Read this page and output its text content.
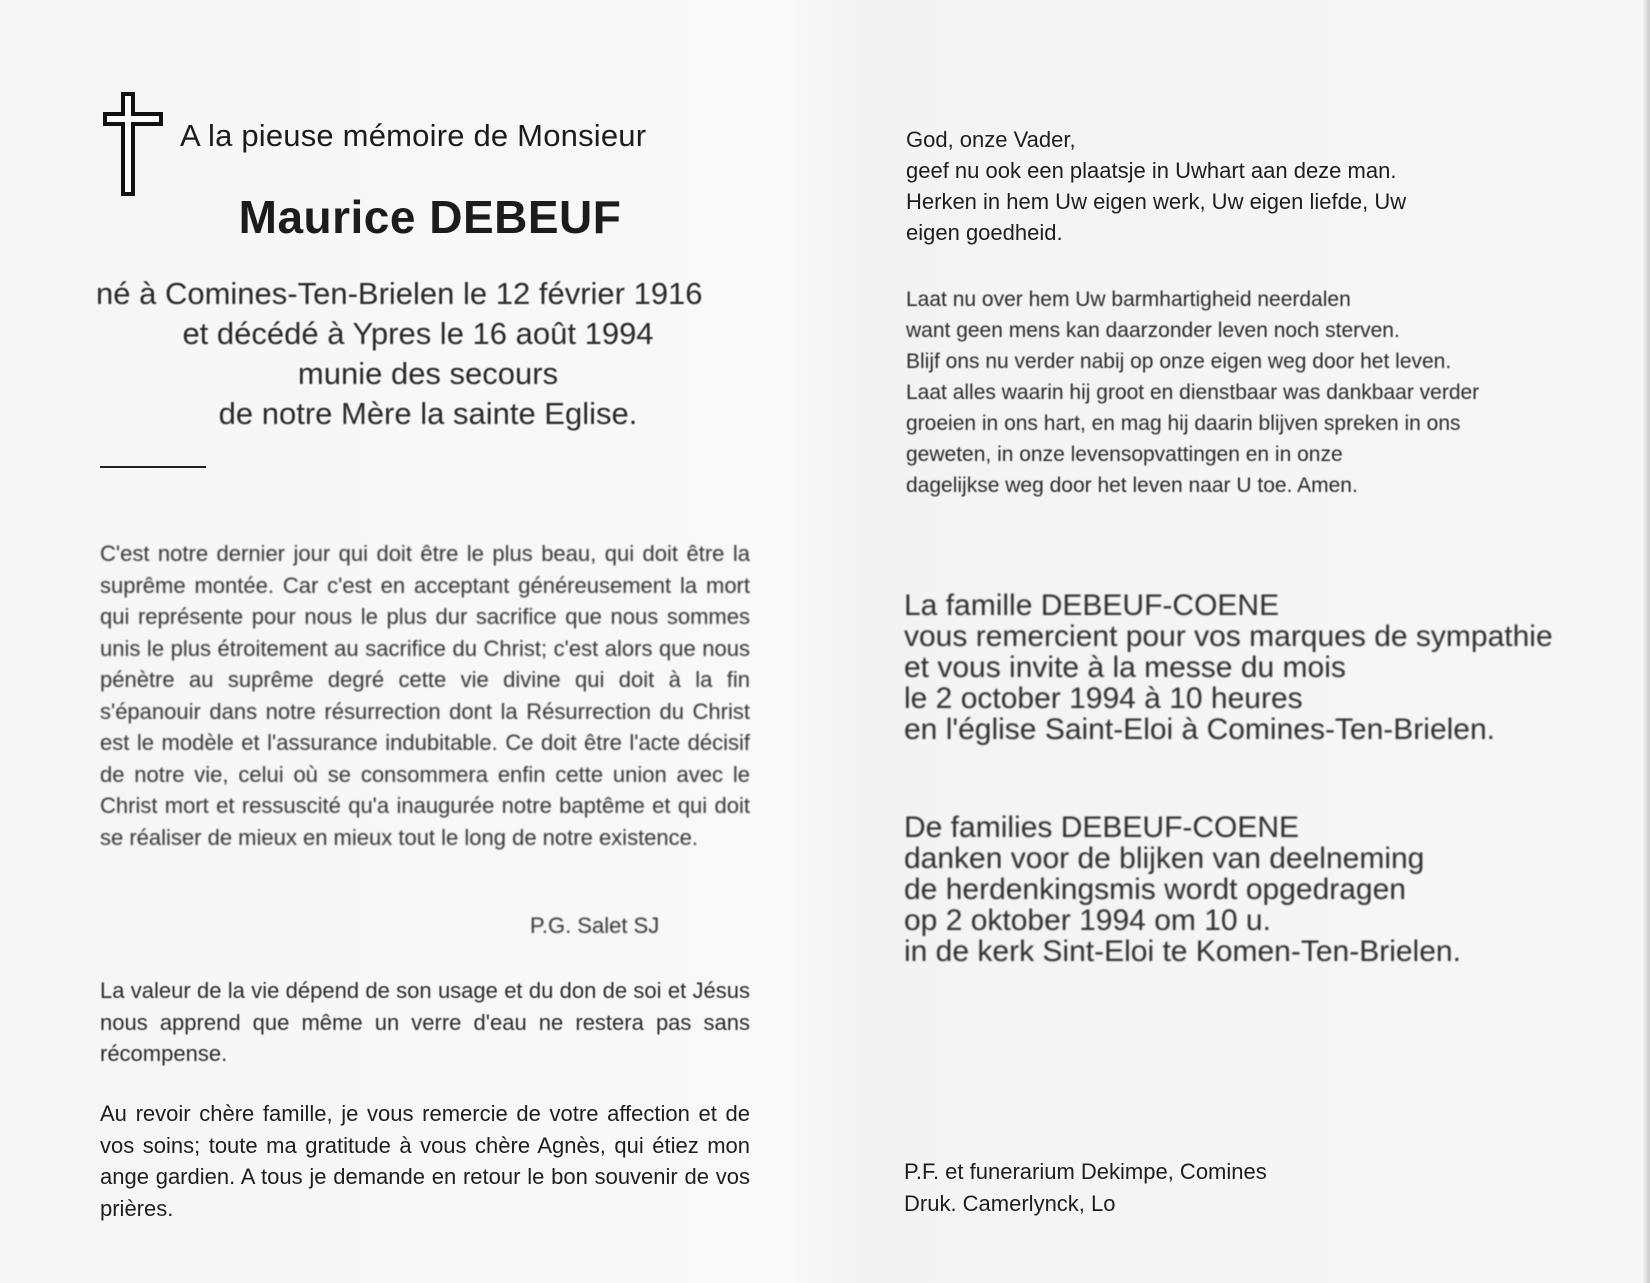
A la pieuse mémoire de Monsieur
Maurice DEBEUF
né à Comines-Ten-Brielen le 12 février 1916
et décédé à Ypres le 16 août 1994
munie des secours
de notre Mère la sainte Eglise.
C'est notre dernier jour qui doit être le plus beau, qui doit être la suprême montée. Car c'est en acceptant généreusement la mort qui représente pour nous le plus dur sacrifice que nous sommes unis le plus étroitement au sacrifice du Christ; c'est alors que nous pénètre au suprême degré cette vie divine qui doit à la fin s'épanouir dans notre résurrection dont la Résurrection du Christ est le modèle et l'assurance indubitable. Ce doit être l'acte décisif de notre vie, celui où se consommera enfin cette union avec le Christ mort et ressuscité qu'a inaugurée notre baptême et qui doit se réaliser de mieux en mieux tout le long de notre existence.
P.G. Salet SJ
La valeur de la vie dépend de son usage et du don de soi et Jésus nous apprend que même un verre d'eau ne restera pas sans récompense.
Au revoir chère famille, je vous remercie de votre affection et de vos soins; toute ma gratitude à vous chère Agnès, qui étiez mon ange gardien. A tous je demande en retour le bon souvenir de vos prières.
God, onze Vader,
geef nu ook een plaatsje in Uwhart aan deze man.
Herken in hem Uw eigen werk, Uw eigen liefde, Uw
eigen goedheid.
Laat nu over hem Uw barmhartigheid neerdalen
want geen mens kan daarzonder leven noch sterven.
Blijf ons nu verder nabij op onze eigen weg door het leven.
Laat alles waarin hij groot en dienstbaar was dankbaar verder
groeien in ons hart, en mag hij daarin blijven spreken in ons
geweten, in onze levensopvattingen en in onze
dagelijkse weg door het leven naar U toe. Amen.
La famille DEBEUF-COENE
vous remercient pour vos marques de sympathie
et vous invite à la messe du mois
le 2 october 1994 à 10 heures
en l'église Saint-Eloi à Comines-Ten-Brielen.
De families DEBEUF-COENE
danken voor de blijken van deelneming
de herdenkingsmis wordt opgedragen
op 2 oktober 1994 om 10 u.
in de kerk Sint-Eloi te Komen-Ten-Brielen.
P.F. et funerarium Dekimpe, Comines
Druk. Camerlynck, Lo
